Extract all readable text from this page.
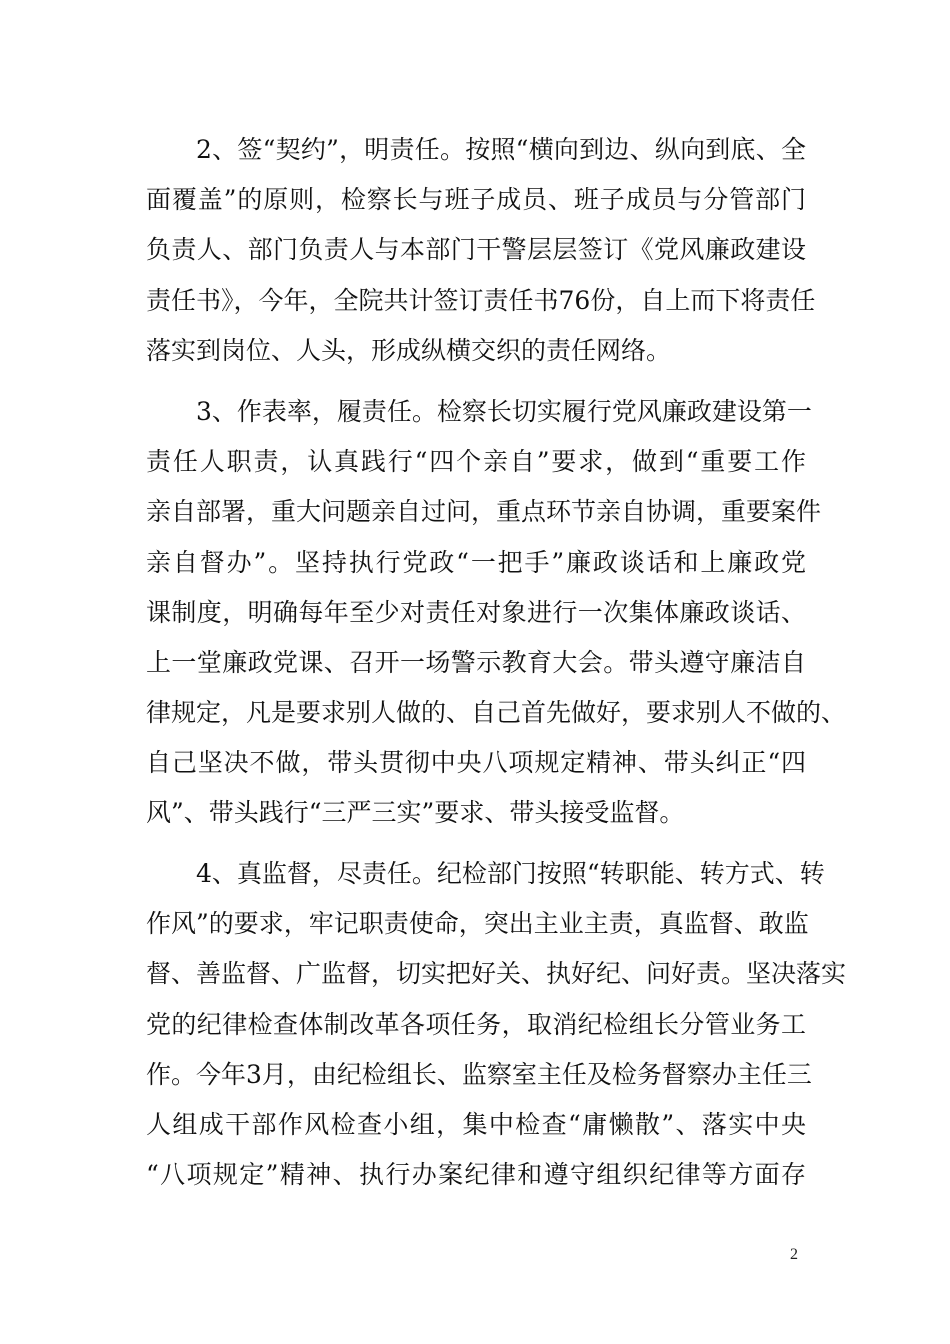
2、签“契约”，明责任。按照“横向到边、纵向到底、全
面覆盖”的原则，检察长与班子成员、班子成员与分管部门
负责人、部门负责人与本部门干警层层签订《党风廉政建设
责任书》，今年，全院共计签订责任书76份，自上而下将责任
落实到岗位、人头，形成纵横交织的责任网络。
3、作表率，履责任。检察长切实履行党风廉政建设第一
责任人职责，认真践行“四个亲自”要求，做到“重要工作
亲自部署，重大问题亲自过问，重点环节亲自协调，重要案件
亲自督办”。坚持执行党政“一把手”廉政谈话和上廉政党
课制度，明确每年至少对责任对象进行一次集体廉政谈话、
上一堂廉政党课、召开一场警示教育大会。带头遵守廉洁自
律规定，凡是要求别人做的、自己首先做好，要求别人不做的、
自己坚决不做，带头贯彻中央八项规定精神、带头纠正“四
风”、带头践行“三严三实”要求、带头接受监督。
4、真监督，尽责任。纪检部门按照“转职能、转方式、转
作风”的要求，牢记职责使命，突出主业主责，真监督、敢监
督、善监督、广监督，切实把好关、执好纪、问好责。坚决落实
党的纪律检查体制改革各项任务，取消纪检组长分管业务工
作。今年3月，由纪检组长、监察室主任及检务督察办主任三
人组成干部作风检查小组，集中检查“庸懒散”、落实中央
“八项规定”精神、执行办案纪律和遵守组织纪律等方面存
2
